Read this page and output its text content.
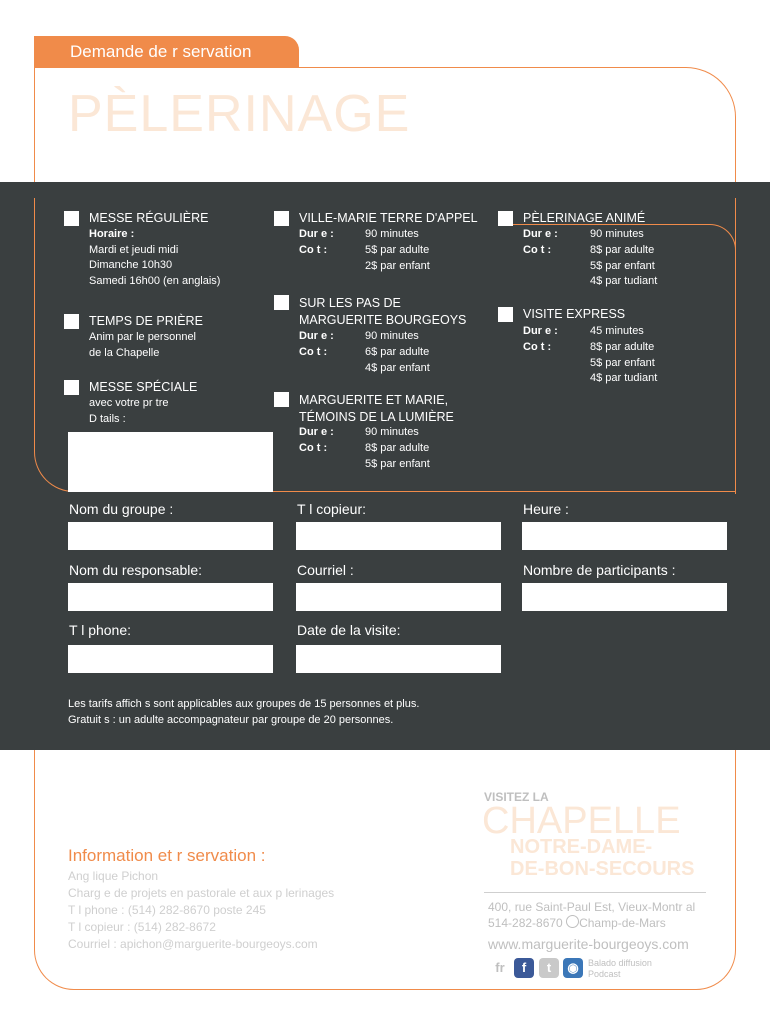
Demande de r servation
PÈLERINAGE
MESSE RÉGULIÈRE
Horaire :
Mardi et jeudi midi
Dimanche 10h30
Samedi 16h00 (en anglais)
TEMPS DE PRIÈRE
Anim par le personnel
de la Chapelle
MESSE SPÉCIALE
avec votre pr tre
D tails :
VILLE-MARIE TERRE D'APPEL
Dur e :	90 minutes
Co t :	5$ par adulte
2$ par enfant
SUR LES PAS DE
MARGUERITE BOURGEOYS
Dur e :	90 minutes
Co t :	6$ par adulte
4$ par enfant
MARGUERITE ET MARIE,
TÉMOINS DE LA LUMIÈRE
Dur e :	90 minutes
Co t :	8$ par adulte
5$ par enfant
PÈLERINAGE ANIMÉ
Dur e :	90 minutes
Co t :	8$ par adulte
5$ par enfant
4$ par tudiant
VISITE EXPRESS
Dur e :	45 minutes
Co t :	8$ par adulte
5$ par enfant
4$ par tudiant
Nom du groupe :	T l copieur:	Heure :
Nom du responsable:	Courriel :	Nombre de participants :
T l phone:	Date de la visite:
Les tarifs affich s sont applicables aux groupes de 15 personnes et plus.
Gratuit s : un adulte accompagnateur par groupe de 20 personnes.
Information et r servation :
Ang lique Pichon
Charg e de projets en pastorale et aux p lerinages
T l phone : (514) 282-8670 poste 245
T l copieur : (514) 282-8672
Courriel : apichon@marguerite-bourgeoys.com
VISITEZ LA
CHAPELLE
NOTRE-DAME-
DE-BON-SECOURS
400, rue Saint-Paul Est, Vieux-Montr al
514-282-8670 Champ-de-Mars
www.marguerite-bourgeoys.com
fr	f	t	◉	Balado diffusion
Podcast
